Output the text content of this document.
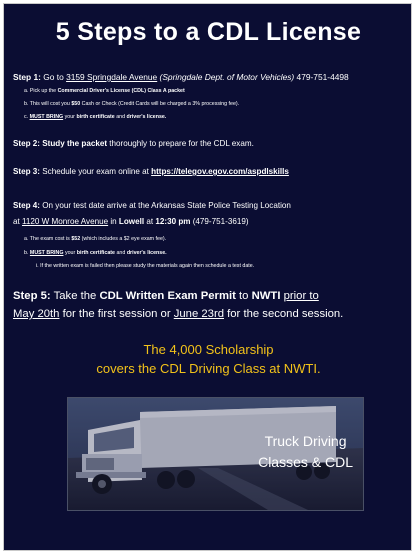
5 Steps to a CDL License
Step 1: Go to 3159 Springdale Avenue (Springdale Dept. of Motor Vehicles) 479-751-4498
a. Pick up the Commercial Driver's License (CDL) Class A packet
b. This will cost you $50 Cash or Check (Credit Cards will be charged a 3% processing fee).
c. MUST BRING your birth certificate and driver's license.
Step 2: Study the packet thoroughly to prepare for the CDL exam.
Step 3: Schedule your exam online at https://telegov.egov.com/aspdlskills
Step 4: On your test date arrive at the Arkansas State Police Testing Location
at 1120 W Monroe Avenue in Lowell at 12:30 pm (479-751-3619)
a. The exam cost is $52 (which includes a $2 eye exam fee).
b. MUST BRING your birth certificate and driver's license.
i. If the written exam is failed then please study the materials again then schedule a test date.
Step 5: Take the CDL Written Exam Permit to NWTI prior to
May 20th for the first session or June 23rd for the second session.
The 4,000 Scholarship
covers the CDL Driving Class at NWTI.
Truck Driving
Classes & CDL
